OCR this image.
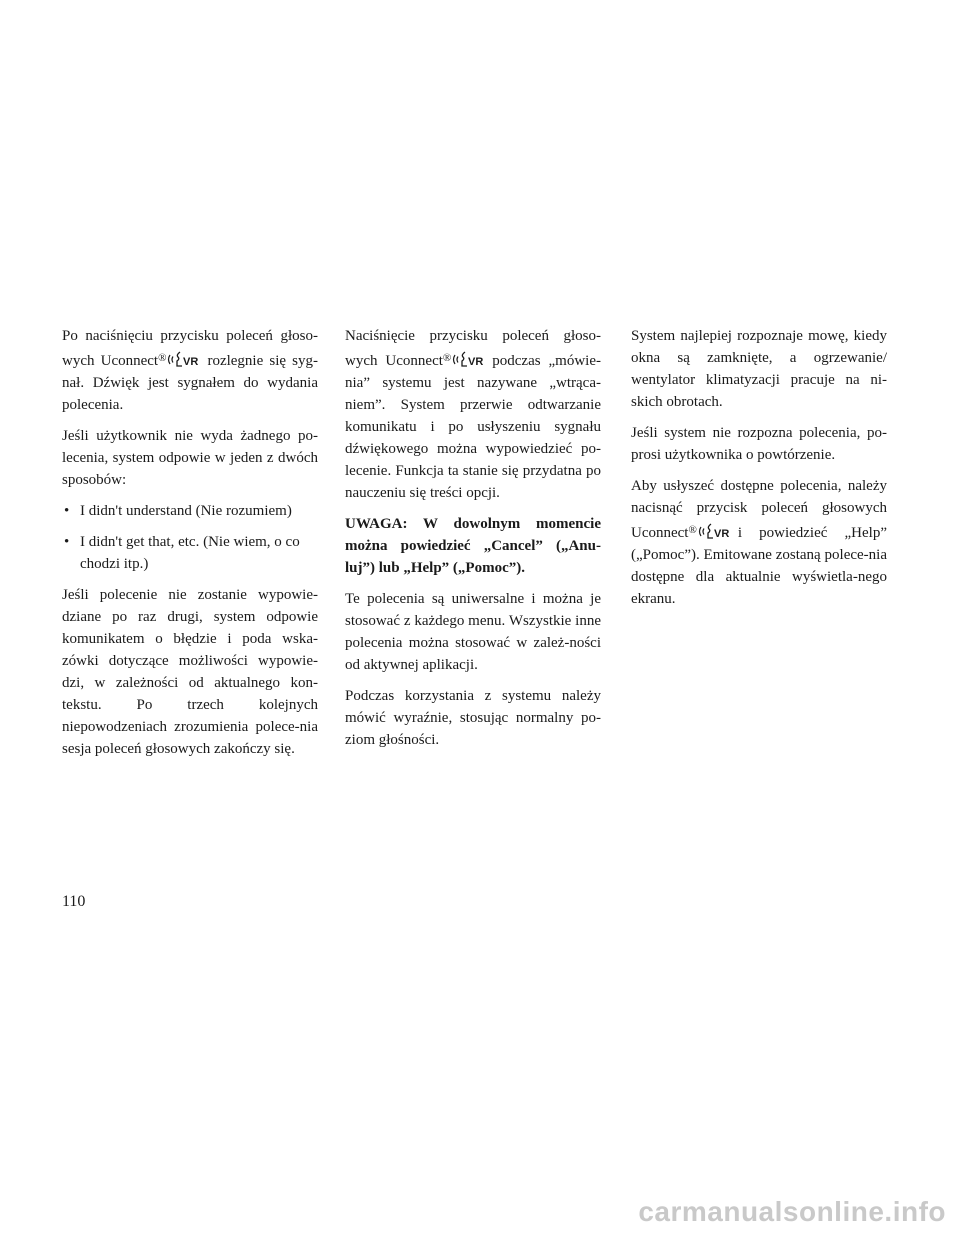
Po naciśnięciu przycisku poleceń głoso-wych Uconnect® VR rozlegnie się syg-nał. Dźwięk jest sygnałem do wydania polecenia.

Jeśli użytkownik nie wyda żadnego po-lecenia, system odpowie w jeden z dwóch sposobów:

• I didn't understand (Nie rozumiem)
• I didn't get that, etc. (Nie wiem, o co chodzi itp.)

Jeśli polecenie nie zostanie wypowie-dziane po raz drugi, system odpowie komunikatem o błędzie i poda wska-zówki dotyczące możliwości wypowie-dzi, w zależności od aktualnego kon-tekstu. Po trzech kolejnych niepowodzeniach zrozumienia polece-nia sesja poleceń głosowych zakończy się.

Naciśnięcie przycisku poleceń głoso-wych Uconnect® VR podczas „mówie-nia” systemu jest nazywane „wtrąca-niem”. System przerwie odtwarzanie komunikatu i po usłyszeniu sygnału dźwiękowego można wypowiedzieć po-lecenie. Funkcja ta stanie się przydatna po nauczeniu się treści opcji.

UWAGA: W dowolnym momencie można powiedzieć „Cancel” („Anu-luj”) lub „Help” („Pomoc”).

Te polecenia są uniwersalne i można je stosować z każdego menu. Wszystkie inne polecenia można stosować w zależ-ności od aktywnej aplikacji.

Podczas korzystania z systemu należy mówić wyraźnie, stosując normalny po-ziom głośności.

System najlepiej rozpoznaje mowę, kiedy okna są zamknięte, a ogrzewanie/ wentylator klimatyzacji pracuje na ni-skich obrotach.

Jeśli system nie rozpozna polecenia, po-prosi użytkownika o powtórzenie.

Aby usłyszeć dostępne polecenia, należy nacisnąć przycisk poleceń głosowych Uconnect® VR i powiedzieć „Help” („Pomoc”). Emitowane zostaną polece-nia dostępne dla aktualnie wyświetla-nego ekranu.

110
carmanualsonline.info
